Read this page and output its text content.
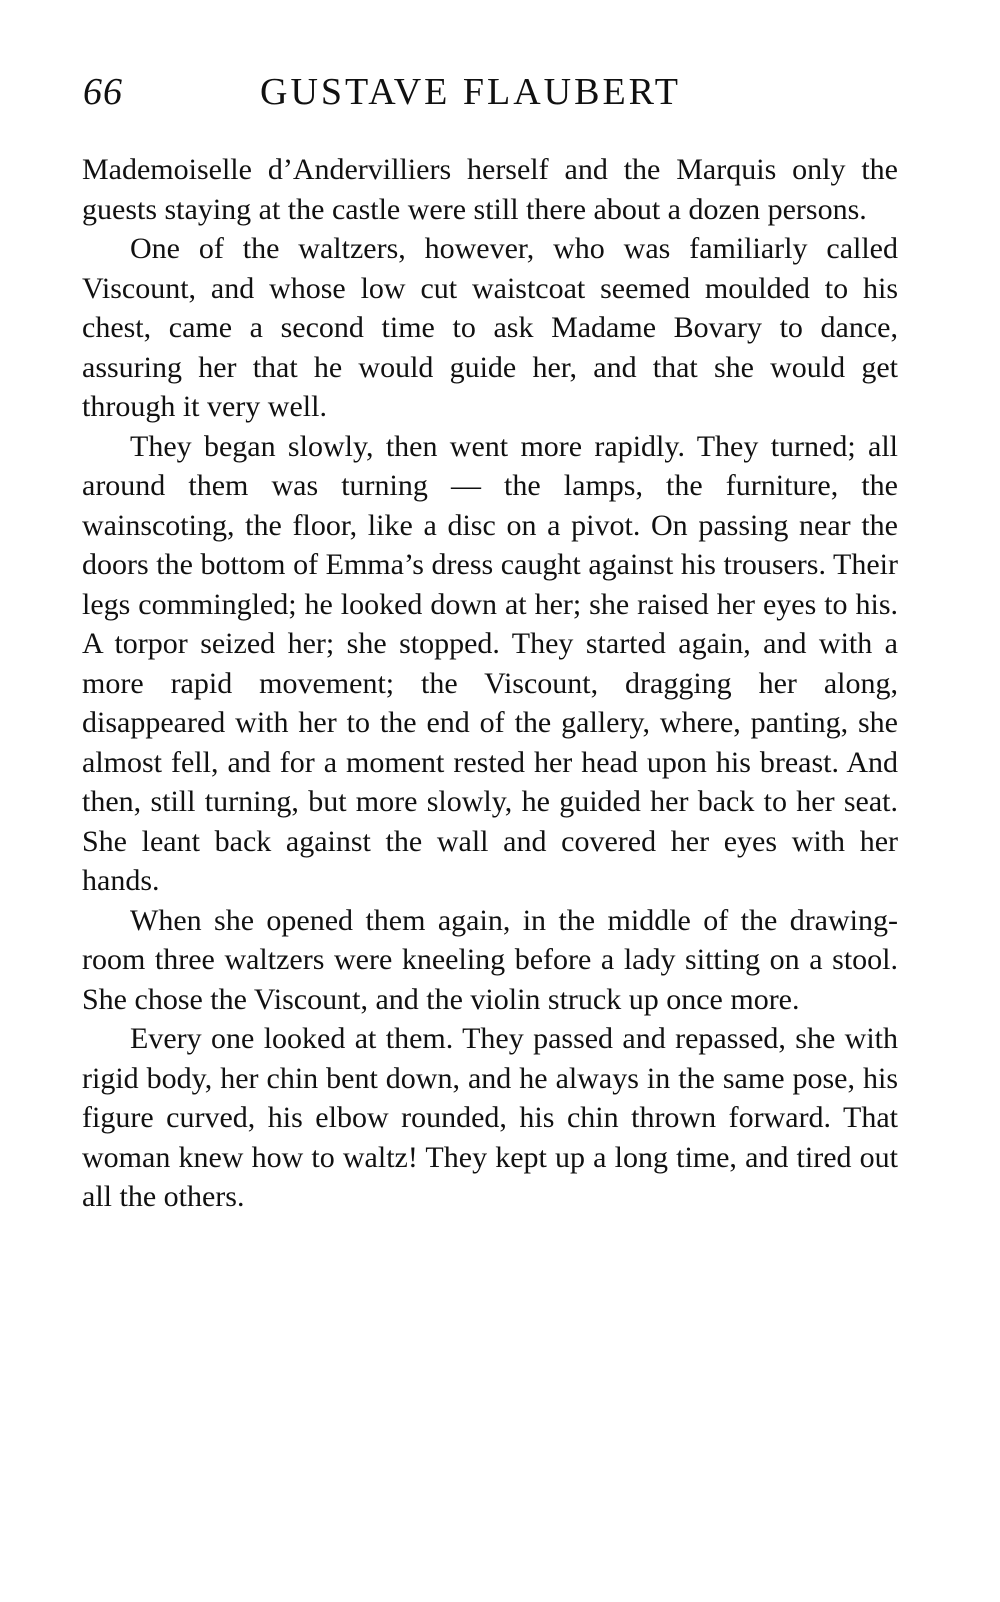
66	GUSTAVE FLAUBERT

Mademoiselle d’Andervilliers herself and the Marquis only the guests staying at the castle were still there about a dozen persons.

One of the waltzers, however, who was familiarly called Viscount, and whose low cut waistcoat seemed moulded to his chest, came a second time to ask Madame Bovary to dance, assuring her that he would guide her, and that she would get through it very well.

They began slowly, then went more rapidly. They turned; all around them was turning — the lamps, the furniture, the wainscoting, the floor, like a disc on a pivot. On passing near the doors the bottom of Emma’s dress caught against his trousers. Their legs commingled; he looked down at her; she raised her eyes to his. A torpor seized her; she stopped. They started again, and with a more rapid movement; the Viscount, dragging her along, disappeared with her to the end of the gallery, where, panting, she almost fell, and for a moment rested her head upon his breast. And then, still turning, but more slowly, he guided her back to her seat. She leant back against the wall and covered her eyes with her hands.

When she opened them again, in the middle of the drawing-room three waltzers were kneeling before a lady sitting on a stool. She chose the Viscount, and the violin struck up once more.

Every one looked at them. They passed and repassed, she with rigid body, her chin bent down, and he always in the same pose, his figure curved, his elbow rounded, his chin thrown forward. That woman knew how to waltz! They kept up a long time, and tired out all the others.
